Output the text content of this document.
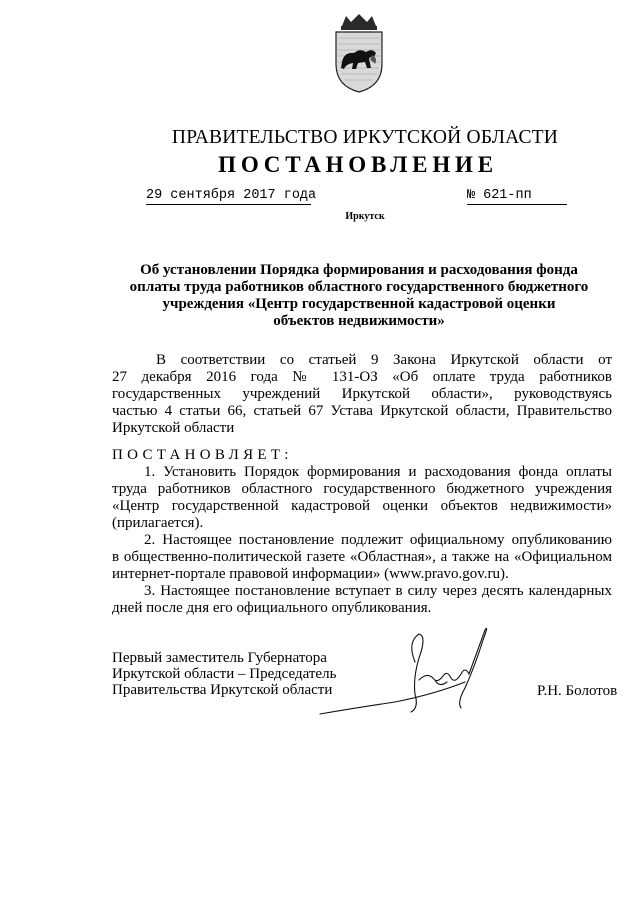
ПРАВИТЕЛЬСТВО ИРКУТСКОЙ ОБЛАСТИ
ПОСТАНОВЛЕНИЕ
29 сентября 2017 года	№ 621-пп
Иркутск
Об установлении Порядка формирования и расходования фонда
оплаты труда работников областного государственного бюджетного
учреждения «Центр государственной кадастровой оценки
объектов недвижимости»
В соответствии со статьей 9 Закона Иркутской области от
27 декабря 2016 года № 131-ОЗ «Об оплате труда работников
государственных учреждений Иркутской области», руководствуясь
частью 4 статьи 66, статьей 67 Устава Иркутской области, Правительство
Иркутской области
ПОСТАНОВЛЯЕТ:
1. Установить Порядок формирования и расходования фонда оплаты
труда работников областного государственного бюджетного учреждения
«Центр государственной кадастровой оценки объектов недвижимости»
(прилагается).
2. Настоящее постановление подлежит официальному опубликованию
в общественно-политической газете «Областная», а также на «Официальном
интернет-портале правовой информации» (www.pravo.gov.ru).
3. Настоящее постановление вступает в силу через десять календарных
дней после дня его официального опубликования.
Первый заместитель Губернатора
Иркутской области – Председатель
Правительства Иркутской области	Р.Н. Болотов
